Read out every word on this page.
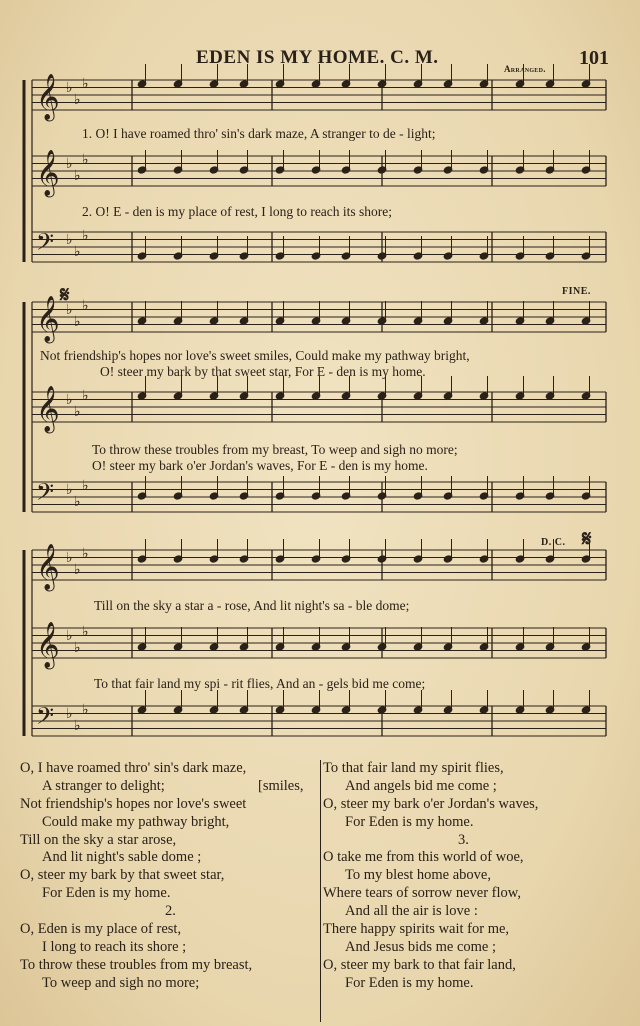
EDEN IS MY HOME. C. M.	101
Arranged.
𝄞 ♭
♭
♭
𝄞 ♭
♭
♭
𝄢 ♭
♭
♭
𝄞 ♭
♭
♭
𝄞 ♭
♭
♭
𝄢 ♭
♭
♭
𝄞 ♭
♭
♭
𝄞 ♭
♭
♭
𝄢 ♭
♭
♭
1. O! I have roamed thro' sin's dark maze, A stranger to de - light;
2. O! E - den is my place of rest, I long to reach its shore;
𝄋	FINE.
Not friendship's hopes nor love's sweet smiles, Could make my pathway bright,
O! steer my bark by that sweet star, For E - den is my home.
To throw these troubles from my breast, To weep and sigh no more;
O! steer my bark o'er Jordan's waves, For E - den is my home.
D. C. 𝄋
Till on the sky a star a - rose, And lit night's sa - ble dome;
To that fair land my spi - rit flies, And an - gels bid me come;
O, I have roamed thro' sin's dark maze,
A stranger to delight;	[smiles,
Not friendship's hopes nor love's sweet
Could make my pathway bright,
Till on the sky a star arose,
And lit night's sable dome ;
O, steer my bark by that sweet star,
For Eden is my home.
2.
O, Eden is my place of rest,
I long to reach its shore ;
To throw these troubles from my breast,
To weep and sigh no more;
To that fair land my spirit flies,
And angels bid me come ;
O, steer my bark o'er Jordan's waves,
For Eden is my home.
3.
O take me from this world of woe,
To my blest home above,
Where tears of sorrow never flow,
And all the air is love :
There happy spirits wait for me,
And Jesus bids me come ;
O, steer my bark to that fair land,
For Eden is my home.
